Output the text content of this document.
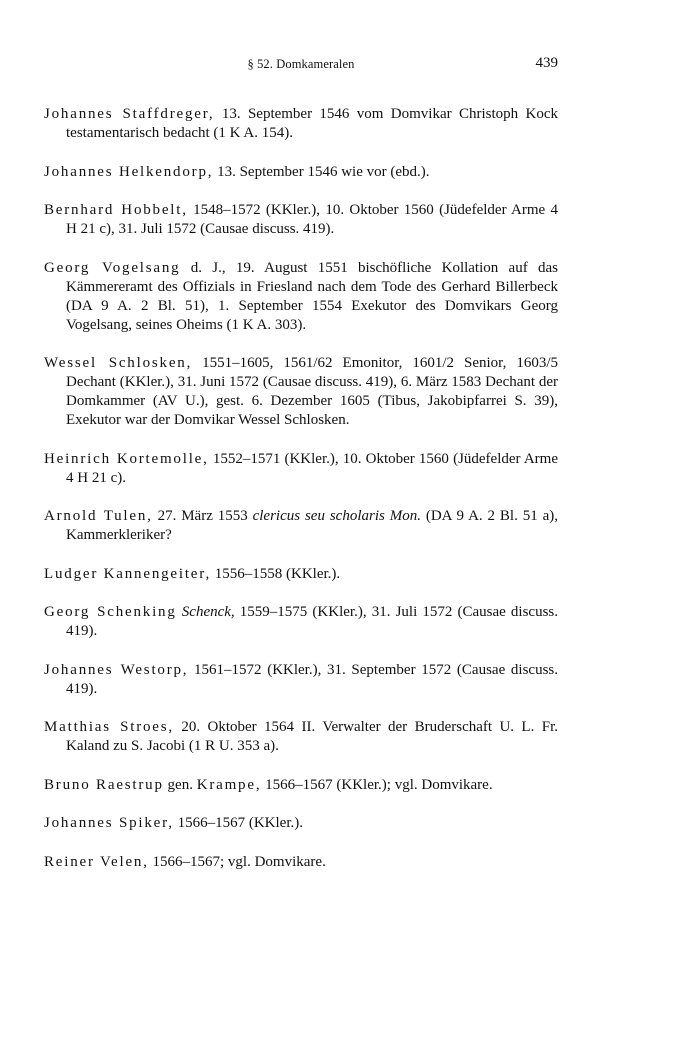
§ 52. Domkameralen	439

Johannes Staffdreger, 13. September 1546 vom Domvikar Christoph Kock testamentarisch bedacht (1 K A. 154).

Johannes Helkendorp, 13. September 1546 wie vor (ebd.).

Bernhard Hobbelt, 1548–1572 (KKler.), 10. Oktober 1560 (Jüdefelder Arme 4 H 21 c), 31. Juli 1572 (Causae discuss. 419).

Georg Vogelsang d. J., 19. August 1551 bischöfliche Kollation auf das Kämmereramt des Offizials in Friesland nach dem Tode des Gerhard Billerbeck (DA 9 A. 2 Bl. 51), 1. September 1554 Exekutor des Domvikars Georg Vogelsang, seines Oheims (1 K A. 303).

Wessel Schlosken, 1551–1605, 1561/62 Emonitor, 1601/2 Senior, 1603/5 Dechant (KKler.), 31. Juni 1572 (Causae discuss. 419), 6. März 1583 Dechant der Domkammer (AV U.), gest. 6. Dezember 1605 (Tibus, Jakobipfarrei S. 39), Exekutor war der Domvikar Wessel Schlosken.

Heinrich Kortemolle, 1552–1571 (KKler.), 10. Oktober 1560 (Jüdefelder Arme 4 H 21 c).

Arnold Tulen, 27. März 1553 clericus seu scholaris Mon. (DA 9 A. 2 Bl. 51 a), Kammerkleriker?

Ludger Kannengeiter, 1556–1558 (KKler.).

Georg Schenking Schenck, 1559–1575 (KKler.), 31. Juli 1572 (Causae discuss. 419).

Johannes Westorp, 1561–1572 (KKler.), 31. September 1572 (Causae discuss. 419).

Matthias Stroes, 20. Oktober 1564 II. Verwalter der Bruderschaft U. L. Fr. Kaland zu S. Jacobi (1 R U. 353 a).

Bruno Raestrup gen. Krampe, 1566–1567 (KKler.); vgl. Domvikare.

Johannes Spiker, 1566–1567 (KKler.).

Reiner Velen, 1566–1567; vgl. Domvikare.
